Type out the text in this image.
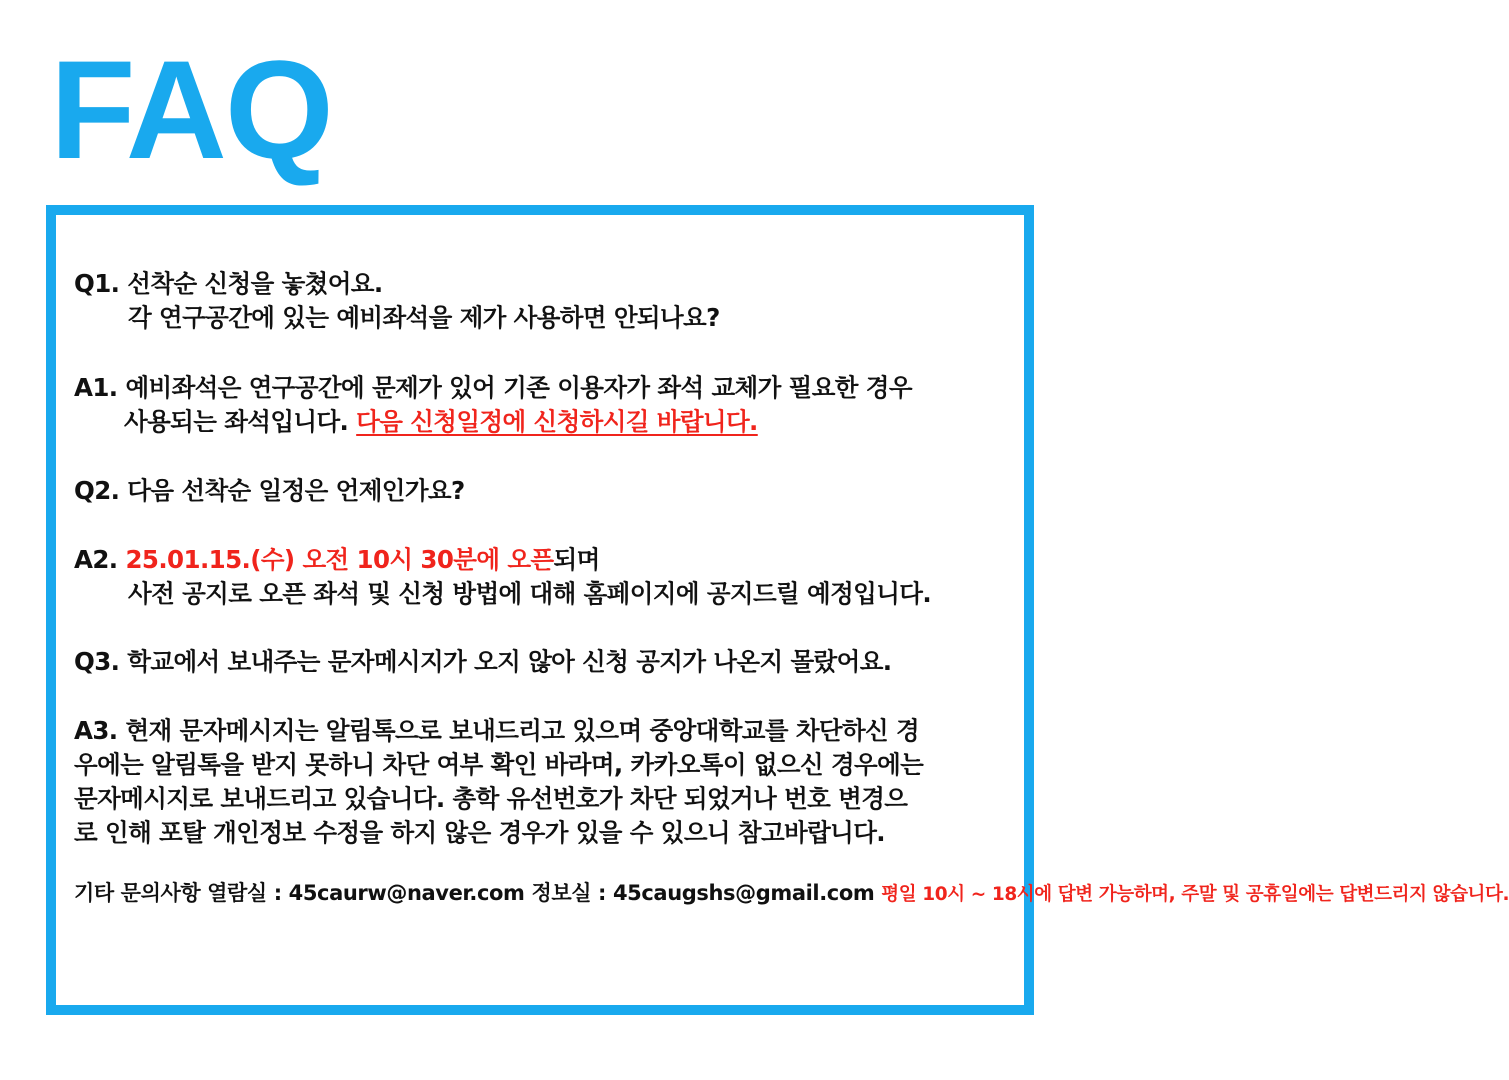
FAQ
Q1. 선착순 신청을 놓쳤어요.
각 연구공간에 있는 예비좌석을 제가 사용하면 안되나요?
A1. 예비좌석은 연구공간에 문제가 있어 기존 이용자가 좌석 교체가 필요한 경우
사용되는 좌석입니다. 다음 신청일정에 신청하시길 바랍니다.
Q2. 다음 선착순 일정은 언제인가요?
A2. 25.01.15.(수) 오전 10시 30분에 오픈되며
사전 공지로 오픈 좌석 및 신청 방법에 대해 홈페이지에 공지드릴 예정입니다.
Q3. 학교에서 보내주는 문자메시지가 오지 않아 신청 공지가 나온지 몰랐어요.
A3. 현재 문자메시지는 알림톡으로 보내드리고 있으며 중앙대학교를 차단하신 경
우에는 알림톡을 받지 못하니 차단 여부 확인 바라며, 카카오톡이 없으신 경우에는
문자메시지로 보내드리고 있습니다. 총학 유선번호가 차단 되었거나 번호 변경으
로 인해 포탈 개인정보 수정을 하지 않은 경우가 있을 수 있으니 참고바랍니다.
기타 문의사항 열람실 : 45caurw@naver.com 정보실 : 45caugshs@gmail.com 평일 10시 ~ 18시에 답변 가능하며, 주말 및 공휴일에는 답변드리지 않습니다.
